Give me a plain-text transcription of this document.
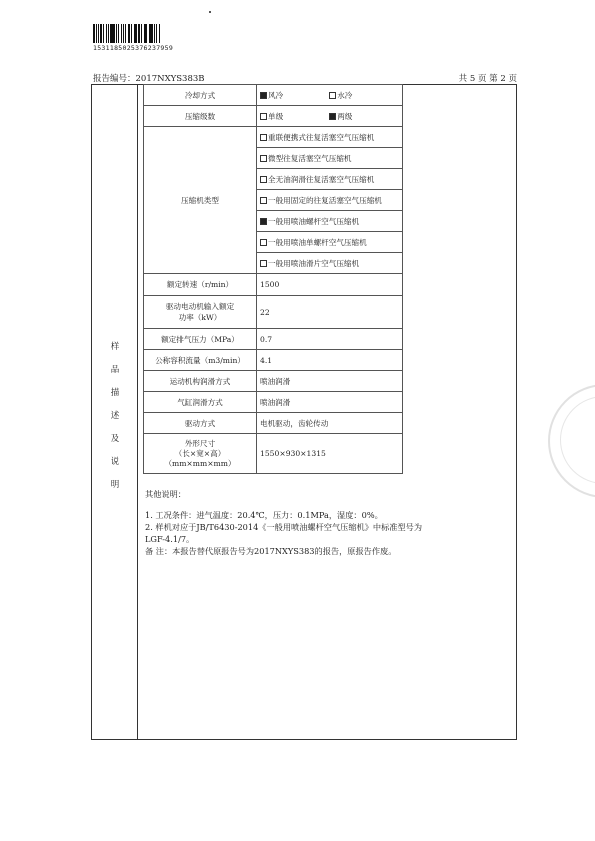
1531185025376237959
报告编号：2017NXYS383B	共 5 页 第 2 页
样
品
描
述
及
说
明
冷却方式	风冷 水冷
压缩级数	单级 两级
压缩机类型	重联便携式往复活塞空气压缩机
	微型往复活塞空气压缩机
	全无油润滑往复活塞空气压缩机
	一般用固定的往复活塞空气压缩机
	一般用喷油螺杆空气压缩机
	一般用喷油单螺杆空气压缩机
	一般用喷油滑片空气压缩机
额定转速（r/min）	1500

驱动电动机输入额定
功率（kW）	22
额定排气压力（MPa）	0.7
公称容积流量（m3/min）	4.1
运动机构润滑方式	喷油润滑
气缸润滑方式	喷油润滑
驱动方式	电机驱动，齿轮传动

外形尺寸
（长×宽×高）
（mm×mm×mm）	1550×930×1315

其他说明：

1. 工况条件：进气温度：20.4℃，压力：0.1MPa，湿度：0%。

2. 样机对应于JB/T6430-2014《一般用喷油螺杆空气压缩机》中标准型号为

LGF-4.1/7。

备 注：本报告替代原报告号为2017NXYS383的报告，原报告作废。
